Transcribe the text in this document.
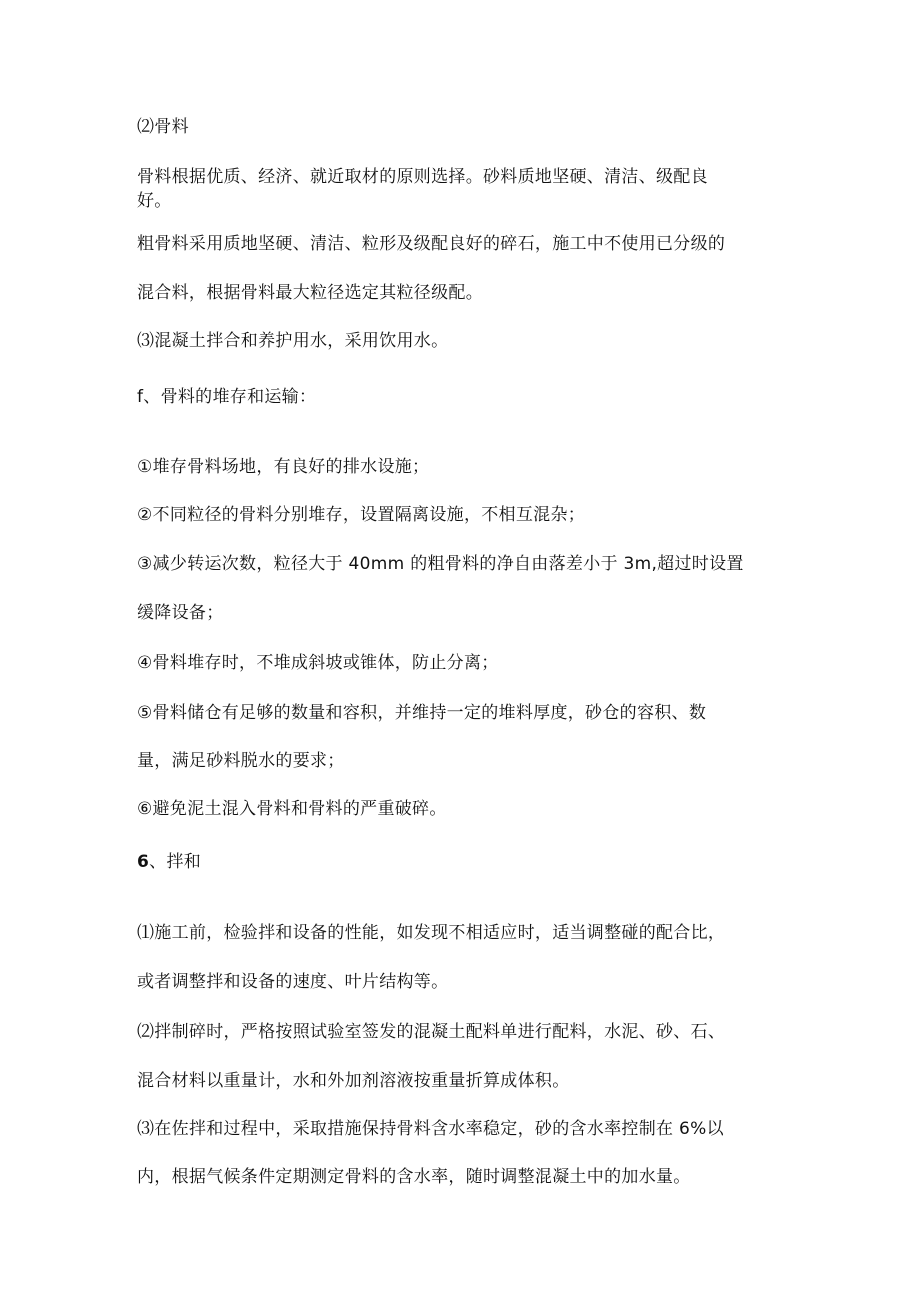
⑵骨料
骨料根据优质、经济、就近取材的原则选择。砂料质地坚硬、清洁、级配良
好。
粗骨料采用质地坚硬、清洁、粒形及级配良好的碎石，施工中不使用已分级的
混合料，根据骨料最大粒径选定其粒径级配。
⑶混凝土拌合和养护用水，采用饮用水。
f、骨料的堆存和运输：
①堆存骨料场地，有良好的排水设施；
②不同粒径的骨料分别堆存，设置隔离设施，不相互混杂；
③减少转运次数，粒径大于 40mm 的粗骨料的净自由落差小于 3m,超过时设置
缓降设备；
④骨料堆存时，不堆成斜坡或锥体，防止分离；
⑤骨料储仓有足够的数量和容积，并维持一定的堆料厚度，砂仓的容积、数
量，满足砂料脱水的要求；
⑥避免泥土混入骨料和骨料的严重破碎。
6、拌和
⑴施工前，检验拌和设备的性能，如发现不相适应时，适当调整碰的配合比，
或者调整拌和设备的速度、叶片结构等。
⑵拌制碎时，严格按照试验室签发的混凝土配料单进行配料，水泥、砂、石、
混合材料以重量计，水和外加剂溶液按重量折算成体积。
⑶在佐拌和过程中，采取措施保持骨料含水率稳定，砂的含水率控制在 6%以
内，根据气候条件定期测定骨料的含水率，随时调整混凝土中的加水量。
